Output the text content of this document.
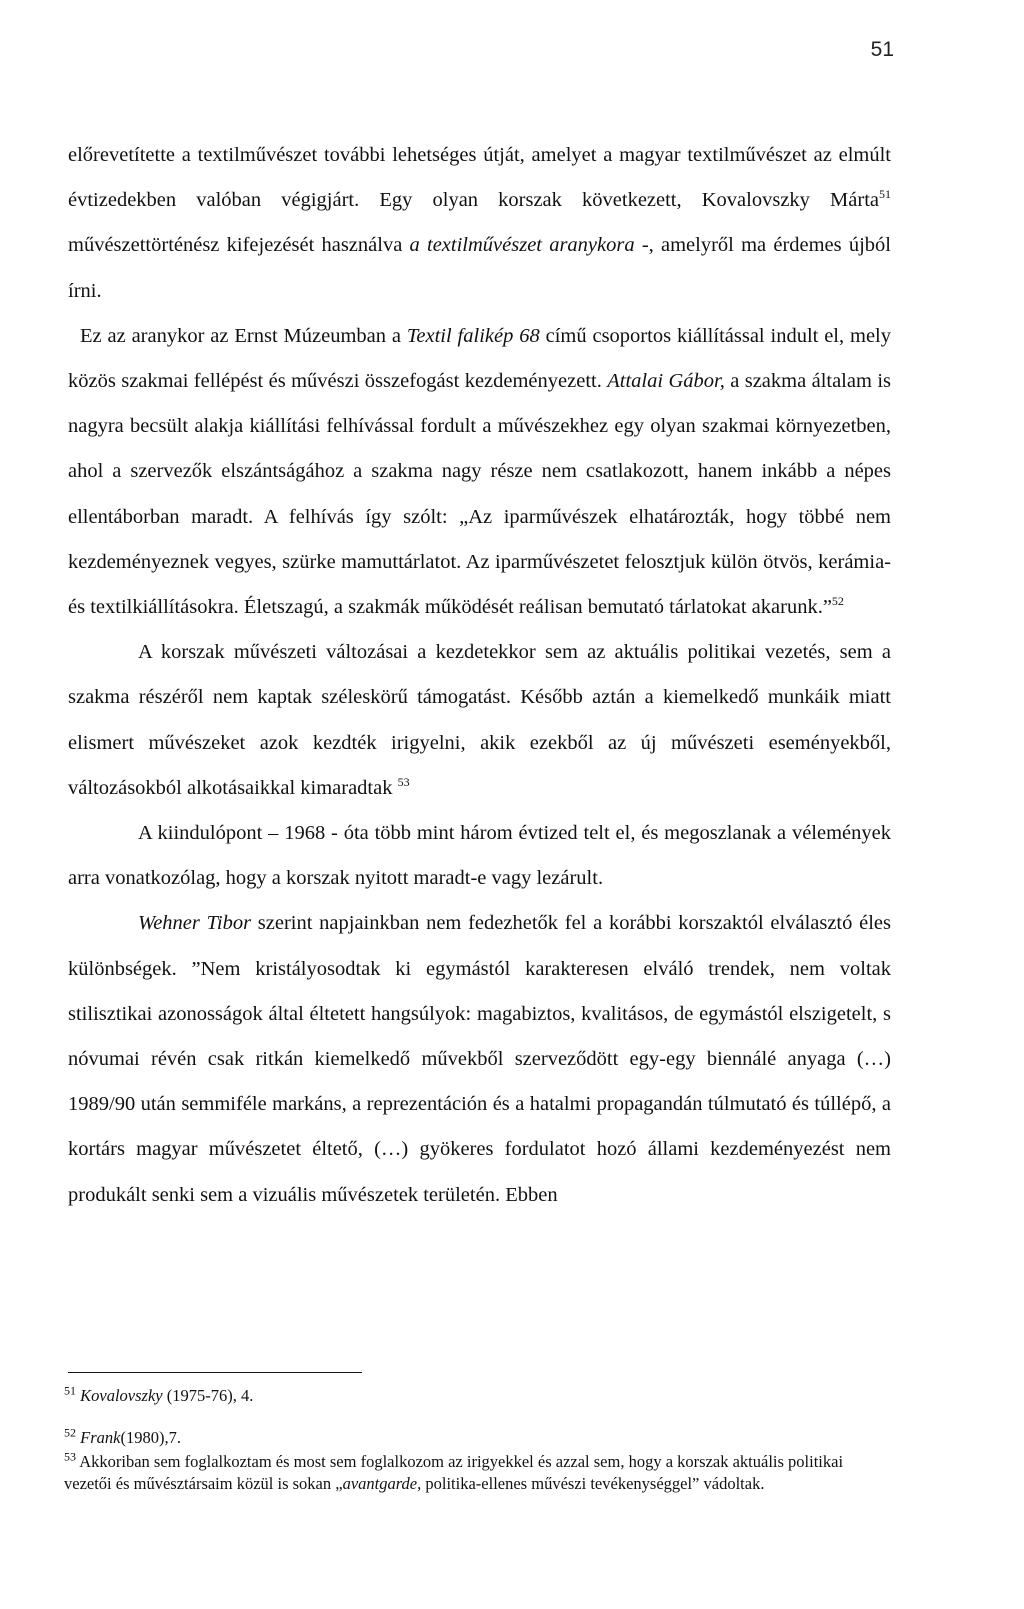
51

előrevetítette a textilművészet további lehetséges útját, amelyet a magyar textilművészet az elmúlt évtizedekben valóban végigjárt. Egy olyan korszak következett, Kovalovszky Márta$^{51}$ művészettörténész kifejezését használva a textilművészet aranykora -, amelyről ma érdemes újból írni.

Ez az aranykor az Ernst Múzeumban a Textil falikép 68 című csoportos kiállítással indult el, mely közös szakmai fellépést és művészi összefogást kezdeményezett. Attalai Gábor, a szakma általam is nagyra becsült alakja kiállítási felhívással fordult a művészekhez egy olyan szakmai környezetben, ahol a szervezők elszántságához a szakma nagy része nem csatlakozott, hanem inkább a népes ellentáborban maradt. A felhívás így szólt: „Az iparművészek elhatározták, hogy többé nem kezdeményeznek vegyes, szürke mamuttárlatot. Az iparművészetet felosztjuk külön ötvös, kerámia- és textilkiállításokra. Életszagú, a szakmák működését reálisan bemutató tárlatokat akarunk.”$^{52}$

A korszak művészeti változásai a kezdetekkor sem az aktuális politikai vezetés, sem a szakma részéről nem kaptak széleskörű támogatást. Később aztán a kiemelkedő munkáik miatt elismert művészeket azok kezdték irigyelni, akik ezekből az új művészeti eseményekből, változásokból alkotásaikkal kimaradtak $^{53}$

A kiindulópont – 1968 - óta több mint három évtized telt el, és megoszlanak a vélemények arra vonatkozólag, hogy a korszak nyitott maradt-e vagy lezárult.

Wehner Tibor szerint napjainkban nem fedezhetők fel a korábbi korszaktól elválasztó éles különbségek. ”Nem kristályosodtak ki egymástól karakteresen elváló trendek, nem voltak stilisztikai azonosságok által éltetett hangsúlyok: magabiztos, kvalitásos, de egymástól elszigetelt, s nóvumai révén csak ritkán kiemelkedő művekből szerveződött egy-egy biennálé anyaga (…) 1989/90 után semmiféle markáns, a reprezentáción és a hatalmi propagandán túlmutató és túllépő, a kortárs magyar művészetet éltető, (…) gyökeres fordulatot hozó állami kezdeményezést nem produkált senki sem a vizuális művészetek területén. Ebben

$^{51}$ Kovalovszky (1975-76), 4.

$^{52}$ Frank(1980),7.

$^{53}$ Akkoriban sem foglalkoztam és most sem foglalkozom az irigyekkel és azzal sem, hogy a korszak aktuális politikai vezetői és művésztársaim közül is sokan „avantgarde, politika-ellenes művészi tevékenységgel” vádoltak.
